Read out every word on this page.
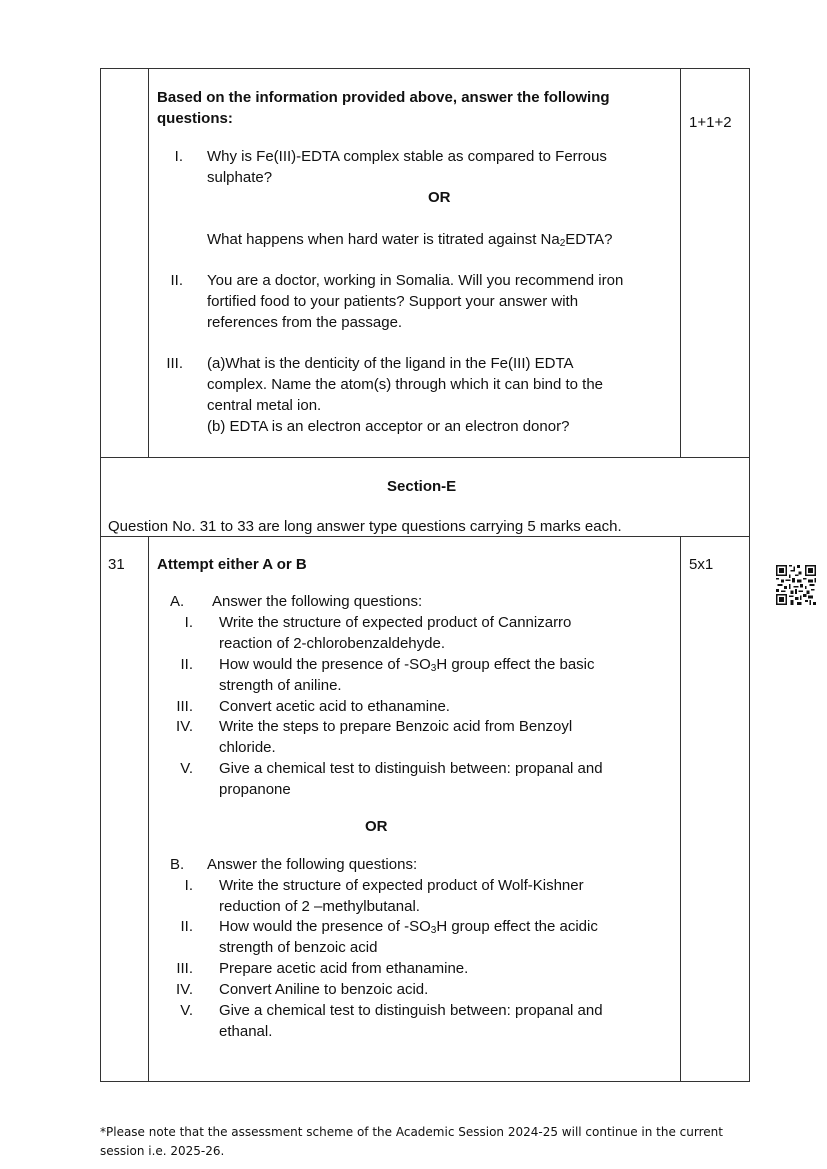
Based on the information provided above, answer the following
questions:	1+1+2
I. Why is Fe(III)-EDTA complex stable as compared to Ferrous
sulphate?
OR
What happens when hard water is titrated against $Na_2EDTA$?
II. You are a doctor, working in Somalia. Will you recommend iron
fortified food to your patients? Support your answer with
references from the passage.
III. (a)What is the denticity of the ligand in the Fe(III) EDTA
complex. Name the atom(s) through which it can bind to the
central metal ion.
(b) EDTA is an electron acceptor or an electron donor?
Section-E
Question No. 31 to 33 are long answer type questions carrying 5 marks each.
31 Attempt either A or B	5x1
A. Answer the following questions:
I. Write the structure of expected product of Cannizarro
reaction of 2-chlorobenzaldehyde.
II. How would the presence of $-SO_3H$ group effect the basic
strength of aniline.
III. Convert acetic acid to ethanamine.
IV. Write the steps to prepare Benzoic acid from Benzoyl
chloride.
V. Give a chemical test to distinguish between: propanal and
propanone
OR
B. Answer the following questions:
I. Write the structure of expected product of Wolf-Kishner
reduction of 2 –methylbutanal.
II. How would the presence of $-SO_3H$ group effect the acidic
strength of benzoic acid
III. Prepare acetic acid from ethanamine.
IV. Convert Aniline to benzoic acid.
V. Give a chemical test to distinguish between: propanal and
ethanal.
*Please note that the assessment scheme of the Academic Session 2024-25 will continue in the current
session i.e. 2025-26.
